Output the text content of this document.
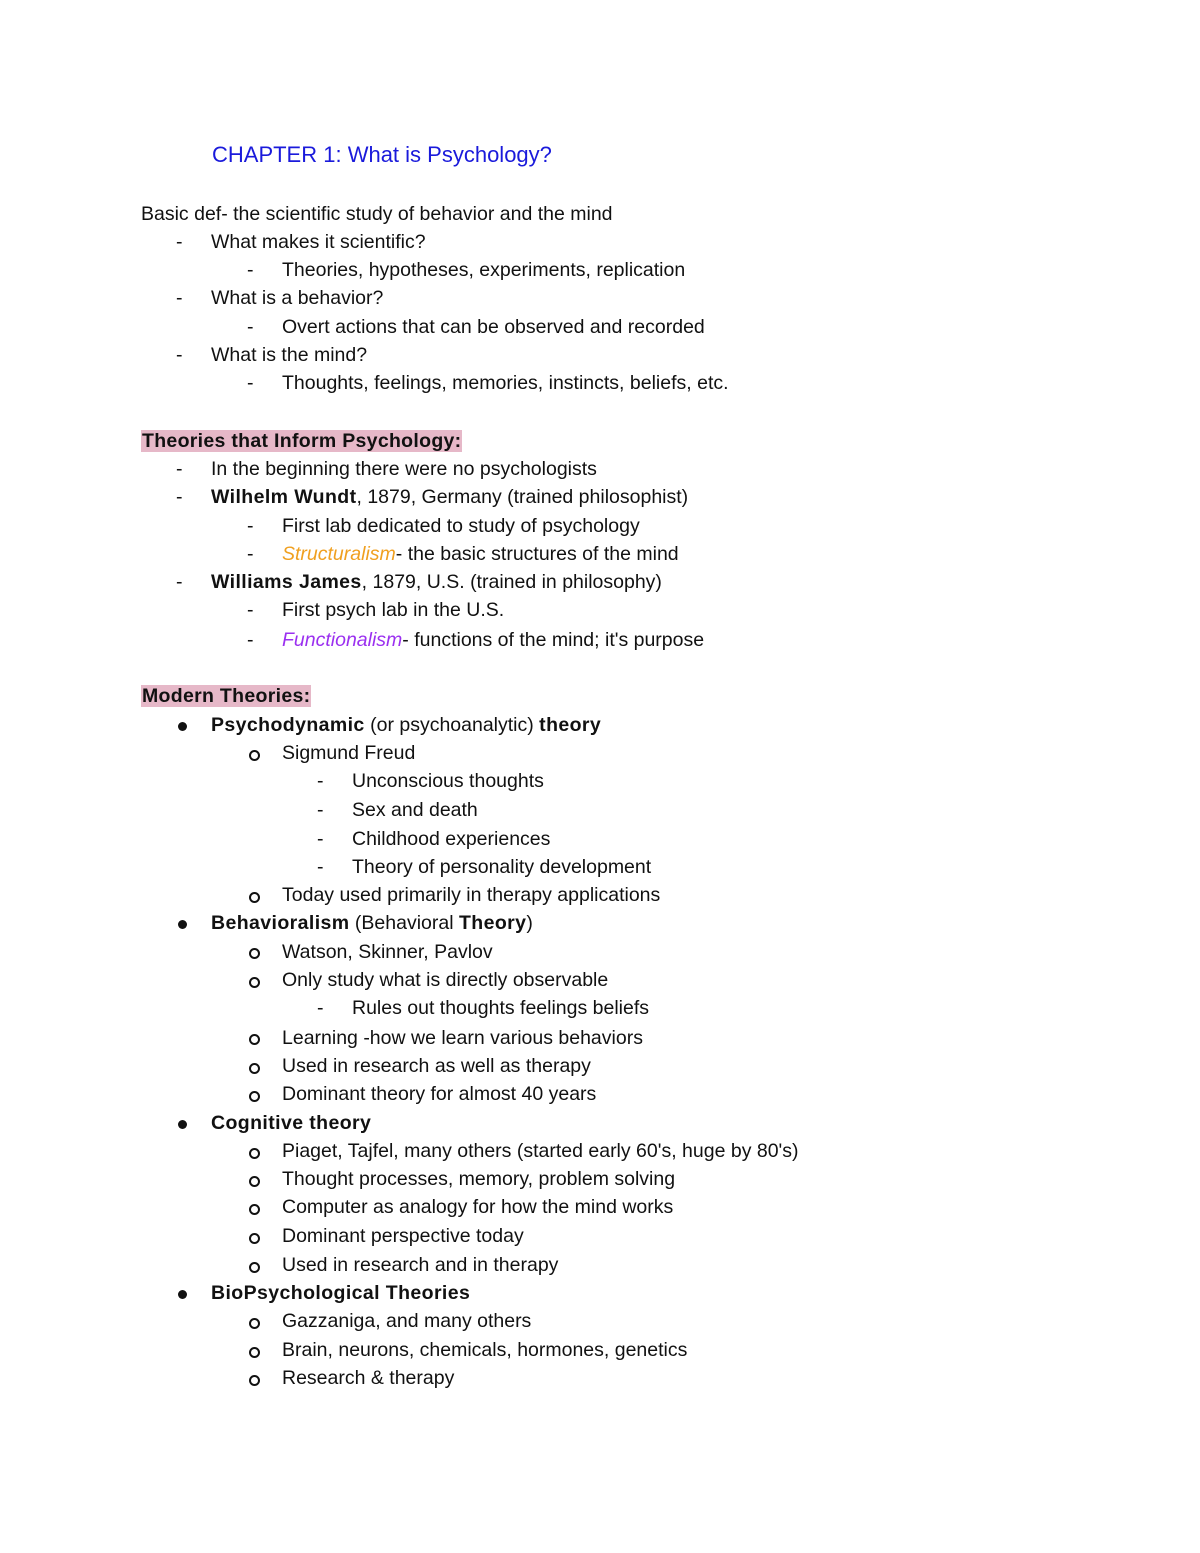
CHAPTER 1: What is Psychology?
Basic def- the scientific study of behavior and the mind
- What makes it scientific?
- Theories, hypotheses, experiments, replication
- What is a behavior?
- Overt actions that can be observed and recorded
- What is the mind?
- Thoughts, feelings, memories, instincts, beliefs, etc.
Theories that Inform Psychology:
- In the beginning there were no psychologists
- Wilhelm Wundt, 1879, Germany (trained philosophist)
- First lab dedicated to study of psychology
- Structuralism- the basic structures of the mind
- Williams James, 1879, U.S. (trained in philosophy)
- First psych lab in the U.S.
- Functionalism- functions of the mind; it's purpose
Modern Theories:
Psychodynamic (or psychoanalytic) theory
Sigmund Freud
- Unconscious thoughts
- Sex and death
- Childhood experiences
- Theory of personality development
Today used primarily in therapy applications
Behavioralism (Behavioral Theory)
Watson, Skinner, Pavlov
Only study what is directly observable
- Rules out thoughts feelings beliefs
Learning -how we learn various behaviors
Used in research as well as therapy
Dominant theory for almost 40 years
Cognitive theory
Piaget, Tajfel, many others (started early 60's, huge by 80's)
Thought processes, memory, problem solving
Computer as analogy for how the mind works
Dominant perspective today
Used in research and in therapy
BioPsychological Theories
Gazzaniga, and many others
Brain, neurons, chemicals, hormones, genetics
Research & therapy
